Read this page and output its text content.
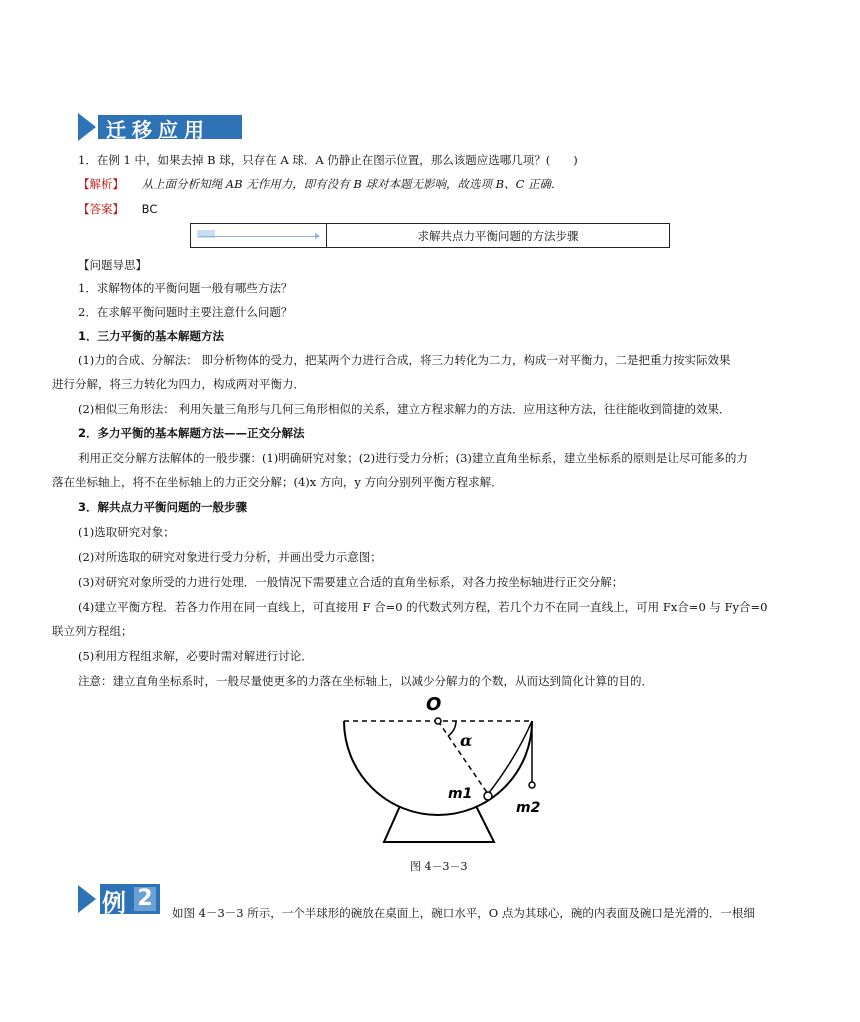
迁移应用
1．在例 1 中，如果去掉 B 球，只存在 A 球．A 仍静止在图示位置，那么该题应选哪几项？(　　)
【解析】 从上面分析知绳 AB 无作用力，即有没有 B 球对本题无影响，故选项 B、C 正确．
【答案】 BC
求解共点力平衡问题的方法步骤
【问题导思】
1．求解物体的平衡问题一般有哪些方法？
2．在求解平衡问题时主要注意什么问题？
1．三力平衡的基本解题方法
(1)力的合成、分解法： 即分析物体的受力，把某两个力进行合成，将三力转化为二力，构成一对平衡力，二是把重力按实际效果
进行分解，将三力转化为四力，构成两对平衡力．
(2)相似三角形法： 利用矢量三角形与几何三角形相似的关系，建立方程求解力的方法．应用这种方法，往往能收到简捷的效果．
2．多力平衡的基本解题方法——正交分解法
利用正交分解方法解体的一般步骤：(1)明确研究对象；(2)进行受力分析；(3)建立直角坐标系，建立坐标系的原则是让尽可能多的力
落在坐标轴上，将不在坐标轴上的力正交分解；(4)x 方向，y 方向分别列平衡方程求解．
3．解共点力平衡问题的一般步骤
(1)选取研究对象；
(2)对所选取的研究对象进行受力分析，并画出受力示意图；
(3)对研究对象所受的力进行处理．一般情况下需要建立合适的直角坐标系，对各力按坐标轴进行正交分解；
(4)建立平衡方程．若各力作用在同一直线上，可直接用 F 合=0 的代数式列方程，若几个力不在同一直线上，可用 Fx合=0 与 Fy合=0
联立列方程组；
(5)利用方程组求解，必要时需对解进行讨论．
注意：建立直角坐标系时，一般尽量使更多的力落在坐标轴上，以减少分解力的个数，从而达到简化计算的目的．
O
α
m1
m2
图 4－3－3
例 2
如图 4－3－3 所示，一个半球形的碗放在桌面上，碗口水平，O 点为其球心，碗的内表面及碗口是光滑的．一根细
